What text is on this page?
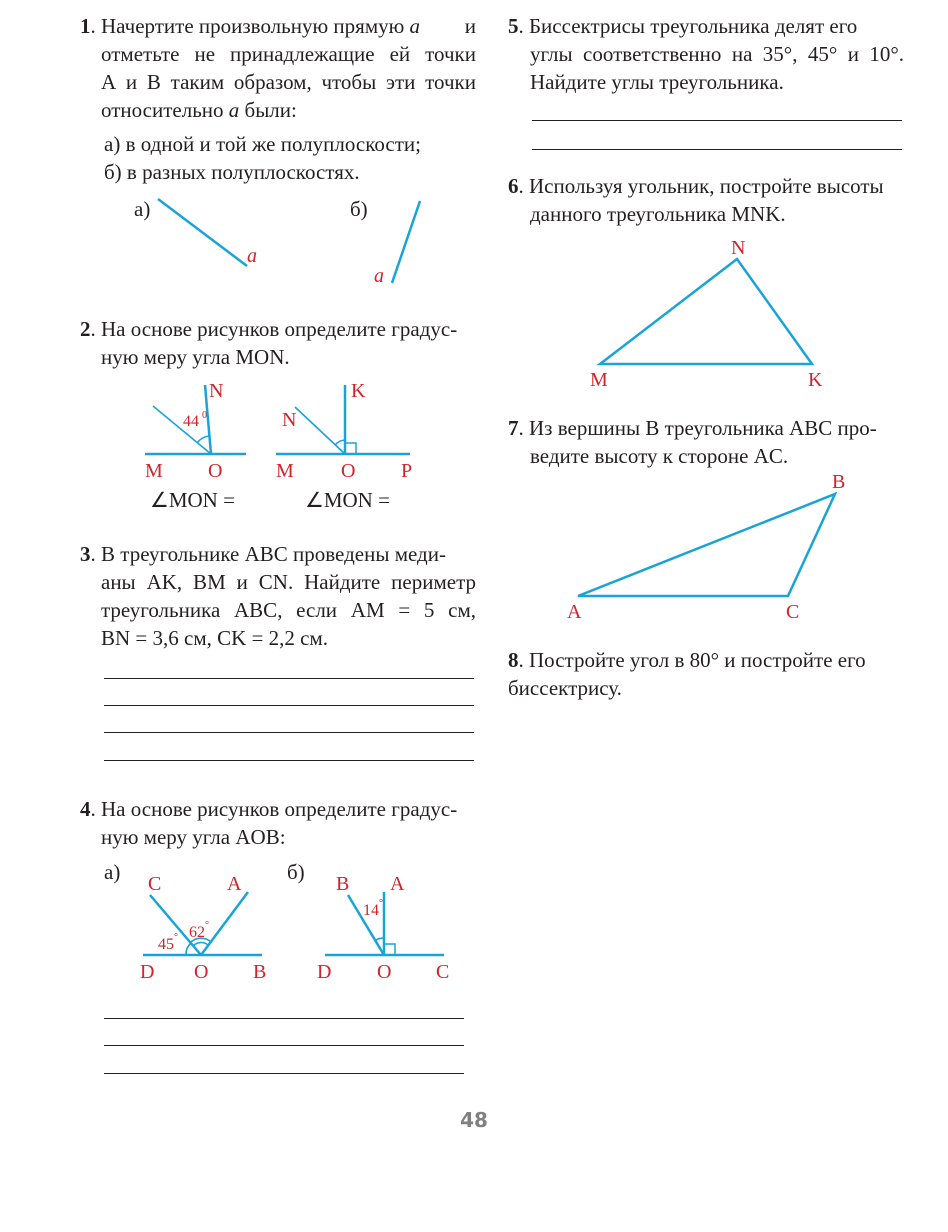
1. Начертите произвольную прямую а и
отметьте не принадлежащие ей точки
А и В таким образом, чтобы эти точки
относительно а были:
а) в одной и той же полуплоскости;
б) в разных полуплоскостях.
а)
а
б)
а
2. На основе рисунков определите градус-
ную меру угла MON.
M O
N
44 0
M O P
N
K
∠MON =	∠MON =
3. В треугольнике ABC проведены меди-
аны AK, BM и CN. Найдите периметр
треугольника ABC, если AM = 5 см,
BN = 3,6 см, CK = 2,2 см.
4. На основе рисунков определите градус-
ную меру угла AOB:
а)	б)
C	A
D O B
45 ° 62 °
B A
D O C
14 °
5. Биссектрисы треугольника делят его
углы соответственно на 35°, 45° и 10°.
Найдите углы треугольника.
6. Используя угольник, постройте высоты
данного треугольника MNK.
N
M	K
7. Из вершины B треугольника ABC про-
ведите высоту к стороне AC.
B
A	C
8. Постройте угол в 80° и постройте его
биссектрису.
48
